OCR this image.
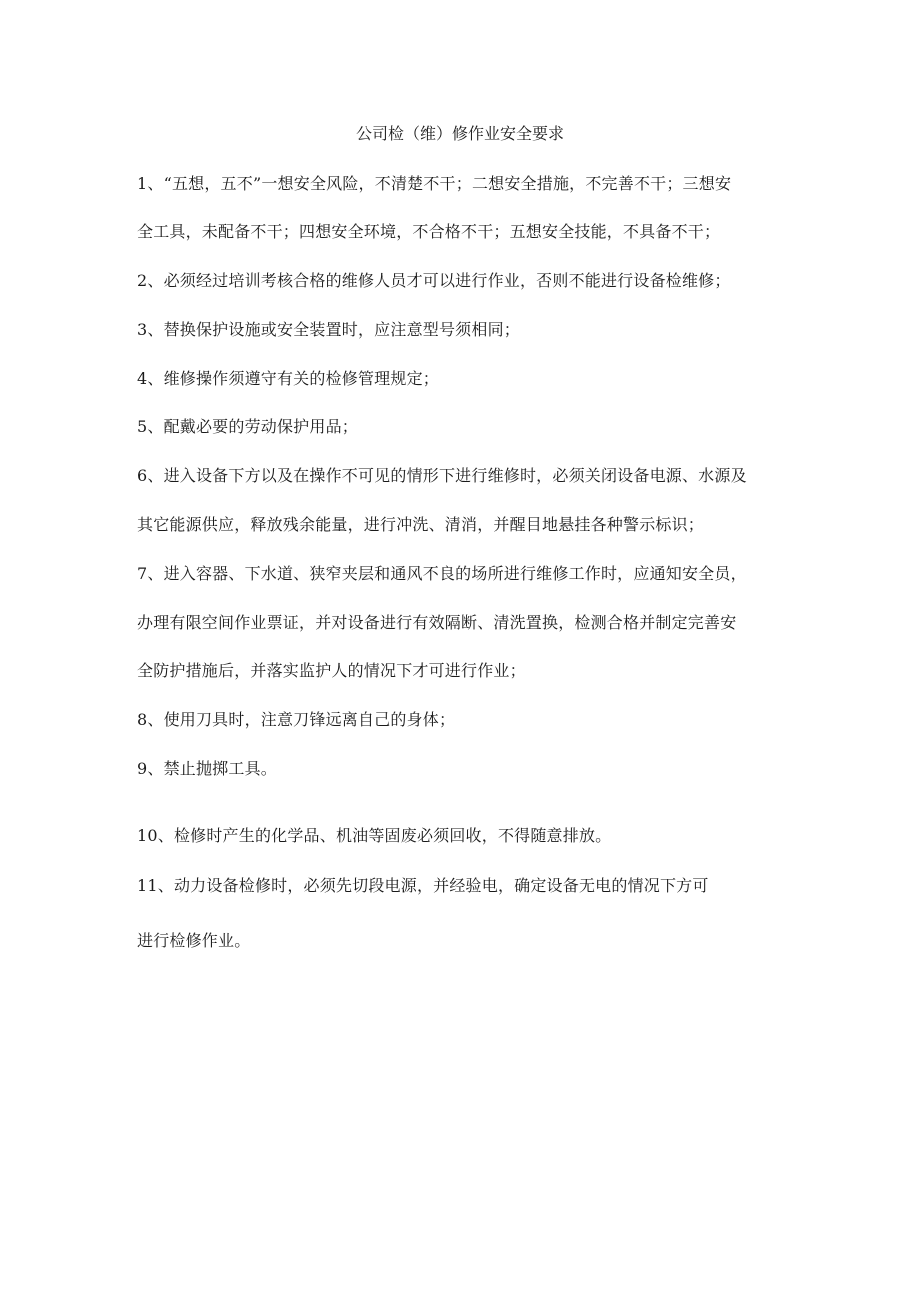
公司检（维）修作业安全要求
1、“五想，五不”一想安全风险，不清楚不干；二想安全措施，不完善不干；三想安
全工具，未配备不干；四想安全环境，不合格不干；五想安全技能，不具备不干；
2、必须经过培训考核合格的维修人员才可以进行作业，否则不能进行设备检维修；
3、替换保护设施或安全装置时，应注意型号须相同；
4、维修操作须遵守有关的检修管理规定；
5、配戴必要的劳动保护用品；
6、进入设备下方以及在操作不可见的情形下进行维修时，必须关闭设备电源、水源及
其它能源供应，释放残余能量，进行冲洗、清消，并醒目地悬挂各种警示标识；
7、进入容器、下水道、狭窄夹层和通风不良的场所进行维修工作时，应通知安全员，
办理有限空间作业票证，并对设备进行有效隔断、清洗置换，检测合格并制定完善安
全防护措施后，并落实监护人的情况下才可进行作业；
8、使用刀具时，注意刀锋远离自己的身体；
9、禁止抛掷工具。
10、检修时产生的化学品、机油等固废必须回收，不得随意排放。
11、动力设备检修时，必须先切段电源，并经验电，确定设备无电的情况下方可
进行检修作业。
